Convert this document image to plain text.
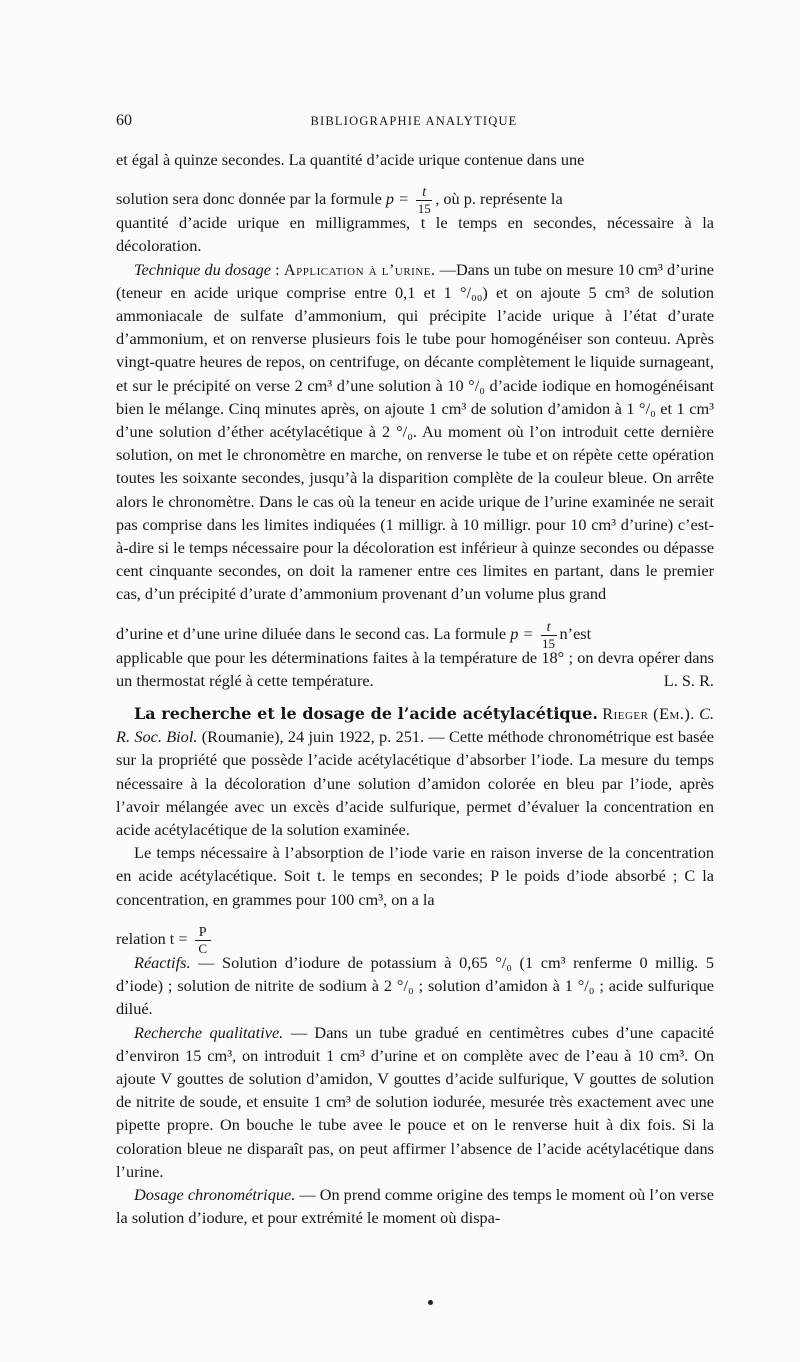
60	BIBLIOGRAPHIE ANALYTIQUE

et égal à quinze secondes. La quantité d’acide urique contenue dans une

solution sera donc donnée par la formule $p = \frac{t}{15}$ , où p. représente la

quantité d’acide urique en milligrammes, t le temps en secondes, nécessaire à la décoloration.

Technique du dosage : Application à l’urine. —Dans un tube on mesure 10 cm³ d’urine (teneur en acide urique comprise entre 0,1 et 1 °/₀₀) et on ajoute 5 cm³ de solution ammoniacale de sulfate d’ammonium, qui précipite l’acide urique à l’état d’urate d’ammonium, et on renverse plusieurs fois le tube pour homogénéiser son conteuu. Après vingt-quatre heures de repos, on centrifuge, on décante complètement le liquide surnageant, et sur le précipité on verse 2 cm³ d’une solution à 10 °/₀ d’acide iodique en homogénéisant bien le mélange. Cinq minutes après, on ajoute 1 cm³ de solution d’amidon à 1 °/₀ et 1 cm³ d’une solution d’éther acétylacétique à 2 °/₀. Au moment où l’on introduit cette dernière solution, on met le chronomètre en marche, on renverse le tube et on répète cette opération toutes les soixante secondes, jusqu’à la disparition complète de la couleur bleue. On arrête alors le chronomètre. Dans le cas où la teneur en acide urique de l’urine examinée ne serait pas comprise dans les limites indiquées (1 milligr. à 10 milligr. pour 10 cm³ d’urine) c’est-à-dire si le temps nécessaire pour la décoloration est inférieur à quinze secondes ou dépasse cent cinquante secondes, on doit la ramener entre ces limites en partant, dans le premier cas, d’un précipité d’urate d’ammonium provenant d’un volume plus grand

d’urine et d’une urine diluée dans le second cas. La formule $p = \frac{t}{15}$ n’est

applicable que pour les déterminations faites à la température de 18° ; on devra opérer dans un thermostat réglé à cette température.	L. S. R.

La recherche et le dosage de l’acide acétylacétique. Rieger (Em.). C. R. Soc. Biol. (Roumanie), 24 juin 1922, p. 251. — Cette méthode chronométrique est basée sur la propriété que possède l’acide acétylacétique d’absorber l’iode. La mesure du temps nécessaire à la décoloration d’une solution d’amidon colorée en bleu par l’iode, après l’avoir mélangée avec un excès d’acide sulfurique, permet d’évaluer la concentration en acide acétylacétique de la solution examinée.

Le temps nécessaire à l’absorption de l’iode varie en raison inverse de la concentration en acide acétylacétique. Soit t. le temps en secondes; P le poids d’iode absorbé ; C la concentration, en grammes pour 100 cm³, on a la

relation $t = \frac{P}{C}$

Réactifs. — Solution d’iodure de potassium à 0,65 °/₀ (1 cm³ renferme 0 millig. 5 d’iode) ; solution de nitrite de sodium à 2 °/₀ ; solution d’amidon à 1 °/₀ ; acide sulfurique dilué.

Recherche qualitative. — Dans un tube gradué en centimètres cubes d’une capacité d’environ 15 cm³, on introduit 1 cm³ d’urine et on complète avec de l’eau à 10 cm³. On ajoute V gouttes de solution d’amidon, V gouttes d’acide sulfurique, V gouttes de solution de nitrite de soude, et ensuite 1 cm³ de solution iodurée, mesurée très exactement avec une pipette propre. On bouche le tube avee le pouce et on le renverse huit à dix fois. Si la coloration bleue ne disparaît pas, on peut affirmer l’absence de l’acide acétylacétique dans l’urine.

Dosage chronométrique. — On prend comme origine des temps le moment où l’on verse la solution d’iodure, et pour extrémité le moment où dispa-
